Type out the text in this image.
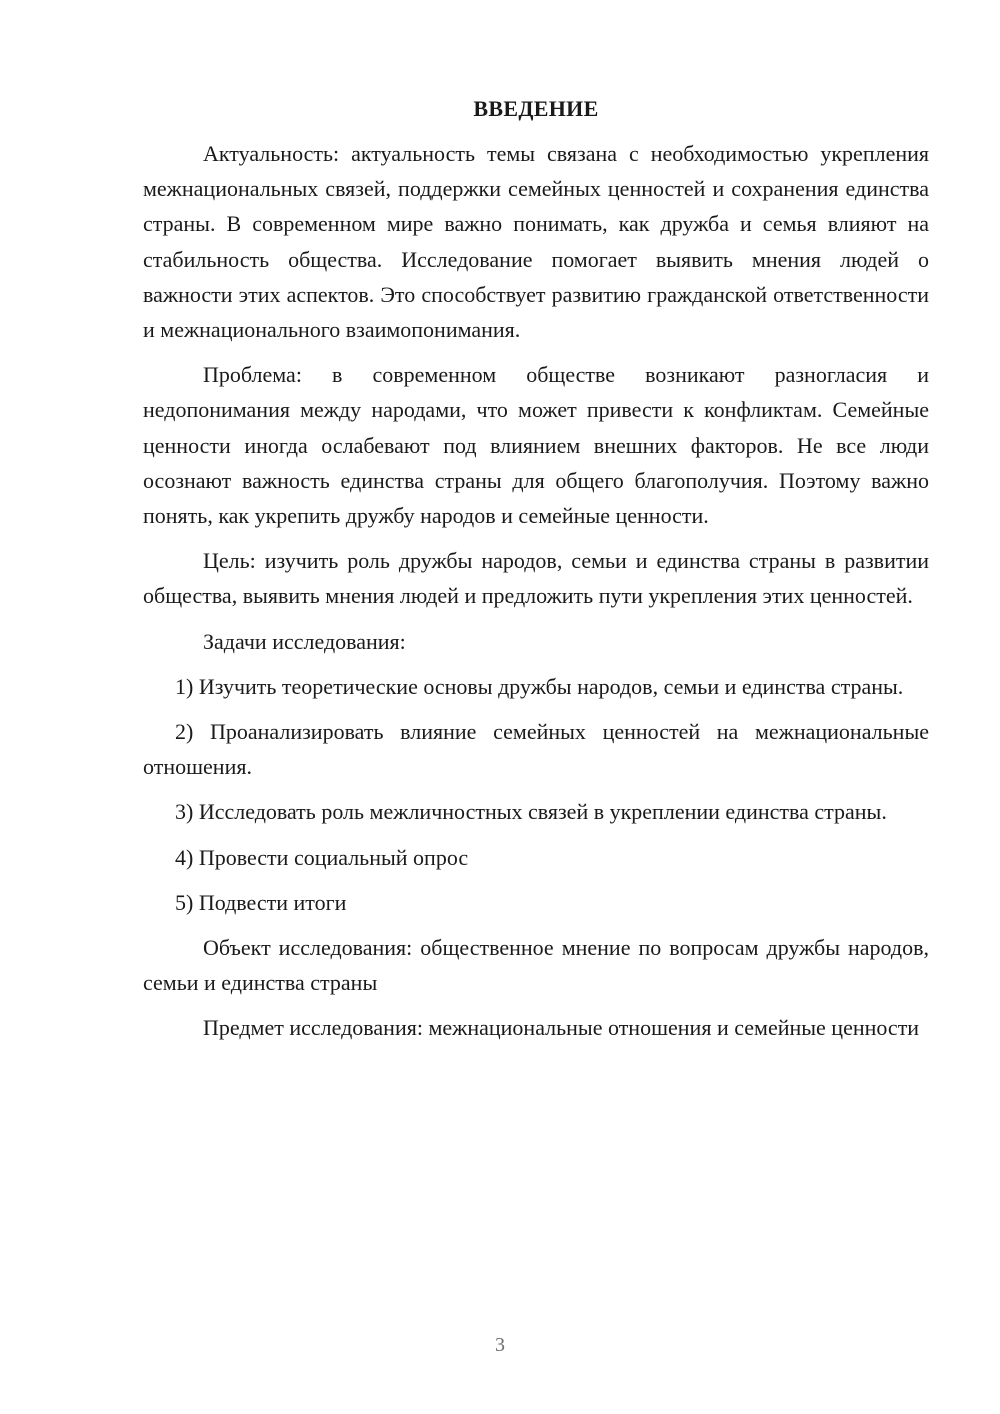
ВВЕДЕНИЕ

Актуальность: актуальность темы связана с необходимостью укрепления межнациональных связей, поддержки семейных ценностей и сохранения единства страны. В современном мире важно понимать, как дружба и семья влияют на стабильность общества. Исследование помогает выявить мнения людей о важности этих аспектов. Это способствует развитию гражданской ответственности и межнационального взаимопонимания.

Проблема: в современном обществе возникают разногласия и недопонимания между народами, что может привести к конфликтам. Семейные ценности иногда ослабевают под влиянием внешних факторов. Не все люди осознают важность единства страны для общего благополучия. Поэтому важно понять, как укрепить дружбу народов и семейные ценности.

Цель: изучить роль дружбы народов, семьи и единства страны в развитии общества, выявить мнения людей и предложить пути укрепления этих ценностей.

Задачи исследования:

1) Изучить теоретические основы дружбы народов, семьи и единства страны.

2) Проанализировать влияние семейных ценностей на межнациональные отношения.

3) Исследовать роль межличностных связей в укреплении единства страны.

4) Провести социальный опрос

5) Подвести итоги

Объект исследования: общественное мнение по вопросам дружбы народов, семьи и единства страны

Предмет исследования: межнациональные отношения и семейные ценности

3
